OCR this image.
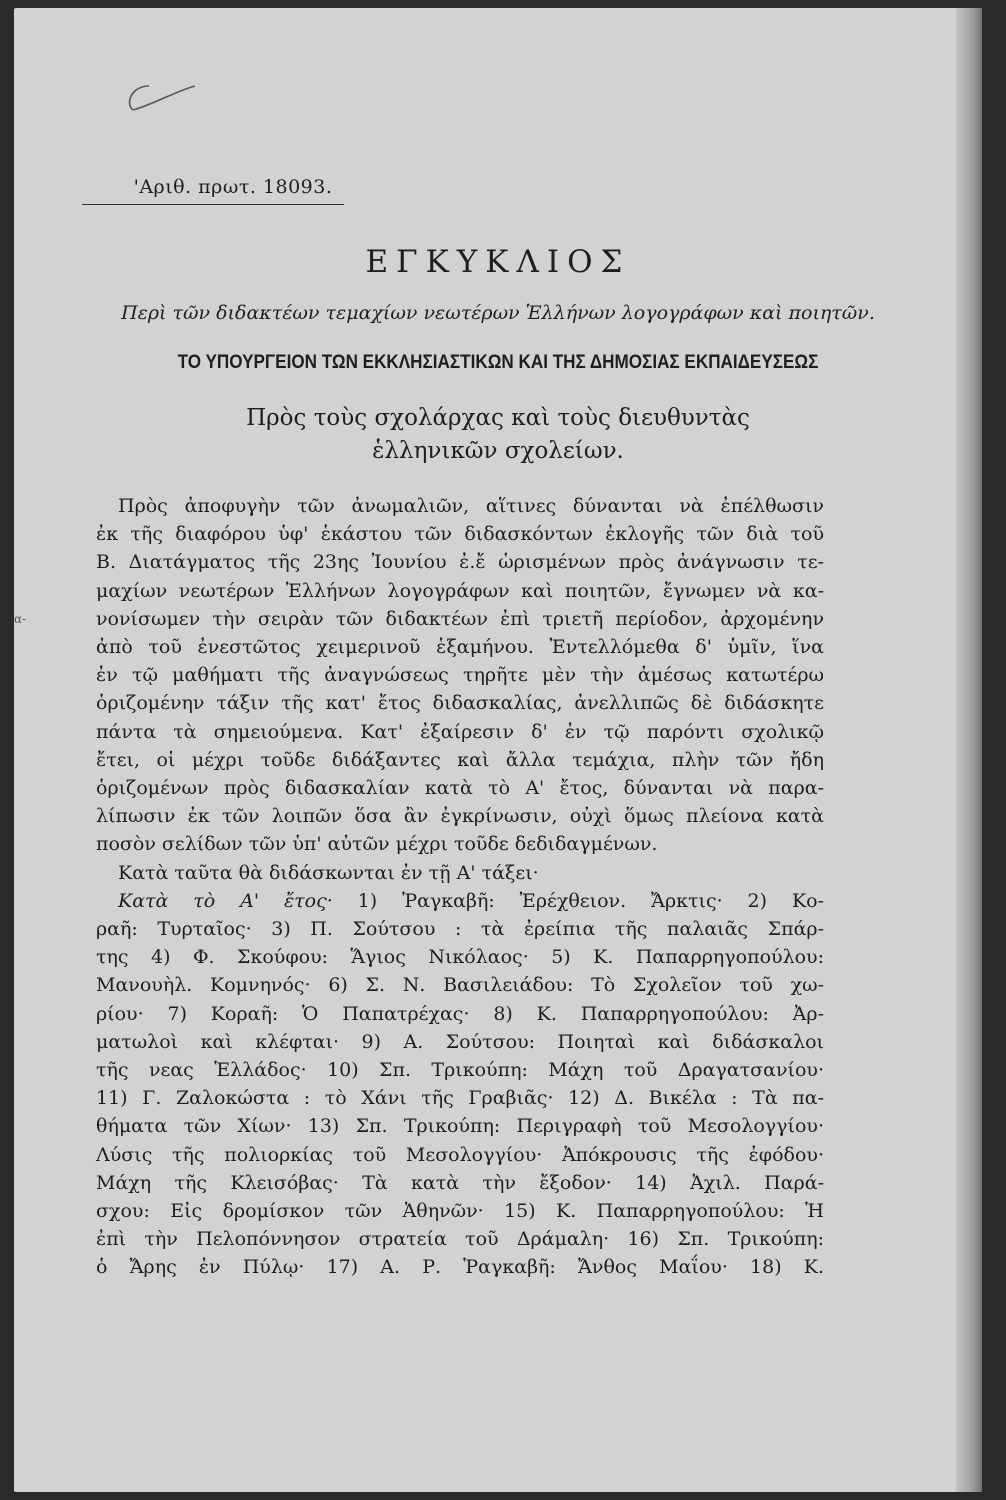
α-
'Αριθ. πρωτ. 18093.
ΕΓΚΥΚΛΙΟΣ
Περὶ τῶν διδακτέων τεμαχίων νεωτέρων Ἑλλήνων λογογράφων καὶ ποιητῶν.
ΤΟ ΥΠΟΥΡΓΕΙΟΝ ΤΩΝ ΕΚΚΛΗΣΙΑΣΤΙΚΩΝ ΚΑΙ ΤΗΣ ΔΗΜΟΣΙΑΣ ΕΚΠΑΙΔΕΥΣΕΩΣ
Πρὸς τοὺς σχολάρχας καὶ τοὺς διευθυντὰς
ἑλληνικῶν σχολείων.

Πρὸς ἀποφυγὴν τῶν ἀνωμαλιῶν, αἵτινες δύνανται νὰ ἐπέλθωσιν

ἐκ τῆς διαφόρου ὑφ' ἑκάστου τῶν διδασκόντων ἐκλογῆς τῶν διὰ τοῦ

Β. Διατάγματος τῆς 23ης Ἰουνίου ἐ.ἔ ὡρισμένων πρὸς ἀνάγνωσιν τε-

μαχίων νεωτέρων Ἑλλήνων λογογράφων καὶ ποιητῶν, ἔγνωμεν νὰ κα-

νονίσωμεν τὴν σειρὰν τῶν διδακτέων ἐπὶ τριετῆ περίοδον, ἀρχομένην

ἀπὸ τοῦ ἐνεστῶτος χειμερινοῦ ἑξαμήνου. Ἐντελλόμεθα δ' ὑμῖν, ἵνα

ἐν τῷ μαθήματι τῆς ἀναγνώσεως τηρῆτε μὲν τὴν ἀμέσως κατωτέρω

ὁριζομένην τάξιν τῆς κατ' ἔτος διδασκαλίας, ἀνελλιπῶς δὲ διδάσκητε

πάντα τὰ σημειούμενα. Κατ' ἐξαίρεσιν δ' ἐν τῷ παρόντι σχολικῷ

ἔτει, οἱ μέχρι τοῦδε διδάξαντες καὶ ἄλλα τεμάχια, πλὴν τῶν ἤδη

ὁριζομένων πρὸς διδασκαλίαν κατὰ τὸ Α' ἔτος, δύνανται νὰ παρα-

λίπωσιν ἐκ τῶν λοιπῶν ὅσα ἂν ἐγκρίνωσιν, οὐχὶ ὅμως πλείονα κατὰ

ποσὸν σελίδων τῶν ὑπ' αὐτῶν μέχρι τοῦδε δεδιδαγμένων.

Κατὰ ταῦτα θὰ διδάσκωνται ἐν τῇ Α' τάξει·

Κατὰ τὸ Α' ἔτος· 1) Ῥαγκαβῆ: Ἐρέχθειον. Ἄρκτις· 2) Κο-

ραῆ: Τυρταῖος· 3) Π. Σούτσου : τὰ ἐρείπια τῆς παλαιᾶς Σπάρ-

της 4) Φ. Σκούφου: Ἅγιος Νικόλαος· 5) Κ. Παπαρρηγοπούλου:

Μανουὴλ. Κομνηνός· 6) Σ. Ν. Βασιλειάδου: Τὸ Σχολεῖον τοῦ χω-

ρίου· 7) Κοραῆ: Ὁ Παπατρέχας· 8) Κ. Παπαρρηγοπούλου: Ἀρ-

ματωλοὶ καὶ κλέφται· 9) Α. Σούτσου: Ποιηταὶ καὶ διδάσκαλοι

τῆς νεας Ἑλλάδος· 10) Σπ. Τρικούπη: Μάχη τοῦ Δραγατσανίου·

11) Γ. Ζαλοκώστα : τὸ Χάνι τῆς Γραβιᾶς· 12) Δ. Βικέλα : Τὰ πα-

θήματα τῶν Χίων· 13) Σπ. Τρικούπη: Περιγραφὴ τοῦ Μεσολογγίου·

Λύσις τῆς πολιορκίας τοῦ Μεσολογγίου· Ἀπόκρουσις τῆς ἐφόδου·

Μάχη τῆς Κλεισόβας· Τὰ κατὰ τὴν ἔξοδον· 14) Ἀχιλ. Παρά-

σχου: Εἰς δρομίσκον τῶν Ἀθηνῶν· 15) Κ. Παπαρρηγοπούλου: Ἡ

ἐπὶ τὴν Πελοπόννησον στρατεία τοῦ Δράμαλη· 16) Σπ. Τρικούπη:

ὁ Ἄρης ἐν Πύλῳ· 17) Α. Ρ. Ῥαγκαβῆ: Ἄνθος Μαΐου· 18) Κ.
